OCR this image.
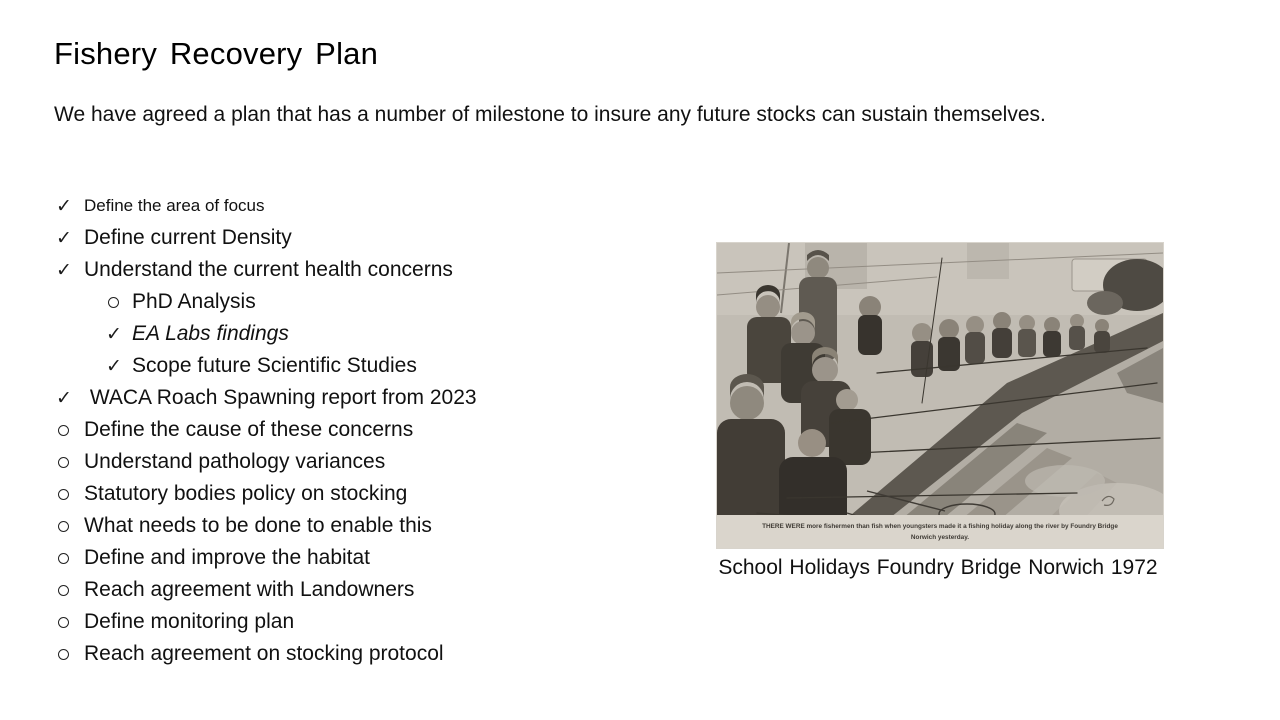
Fishery Recovery Plan

We have agreed a plan that has a number of milestone to insure any future stocks can sustain themselves.

✓ Define the area of focus
✓ Define current Density
✓ Understand the current health concerns
PhD Analysis
✓ EA Labs findings
✓ Scope future Scientific Studies
✓ WACA Roach Spawning report from 2023
Define the cause of these concerns
Understand pathology variances
Statutory bodies policy on stocking
What needs to be done to enable this
Define and improve the habitat
Reach agreement with Landowners
Define monitoring plan
Reach agreement on stocking protocol
THERE WERE more fishermen than fish when youngsters made it a fishing holiday along the river by Foundry Bridge
Norwich yesterday.
School Holidays Foundry Bridge Norwich 1972
